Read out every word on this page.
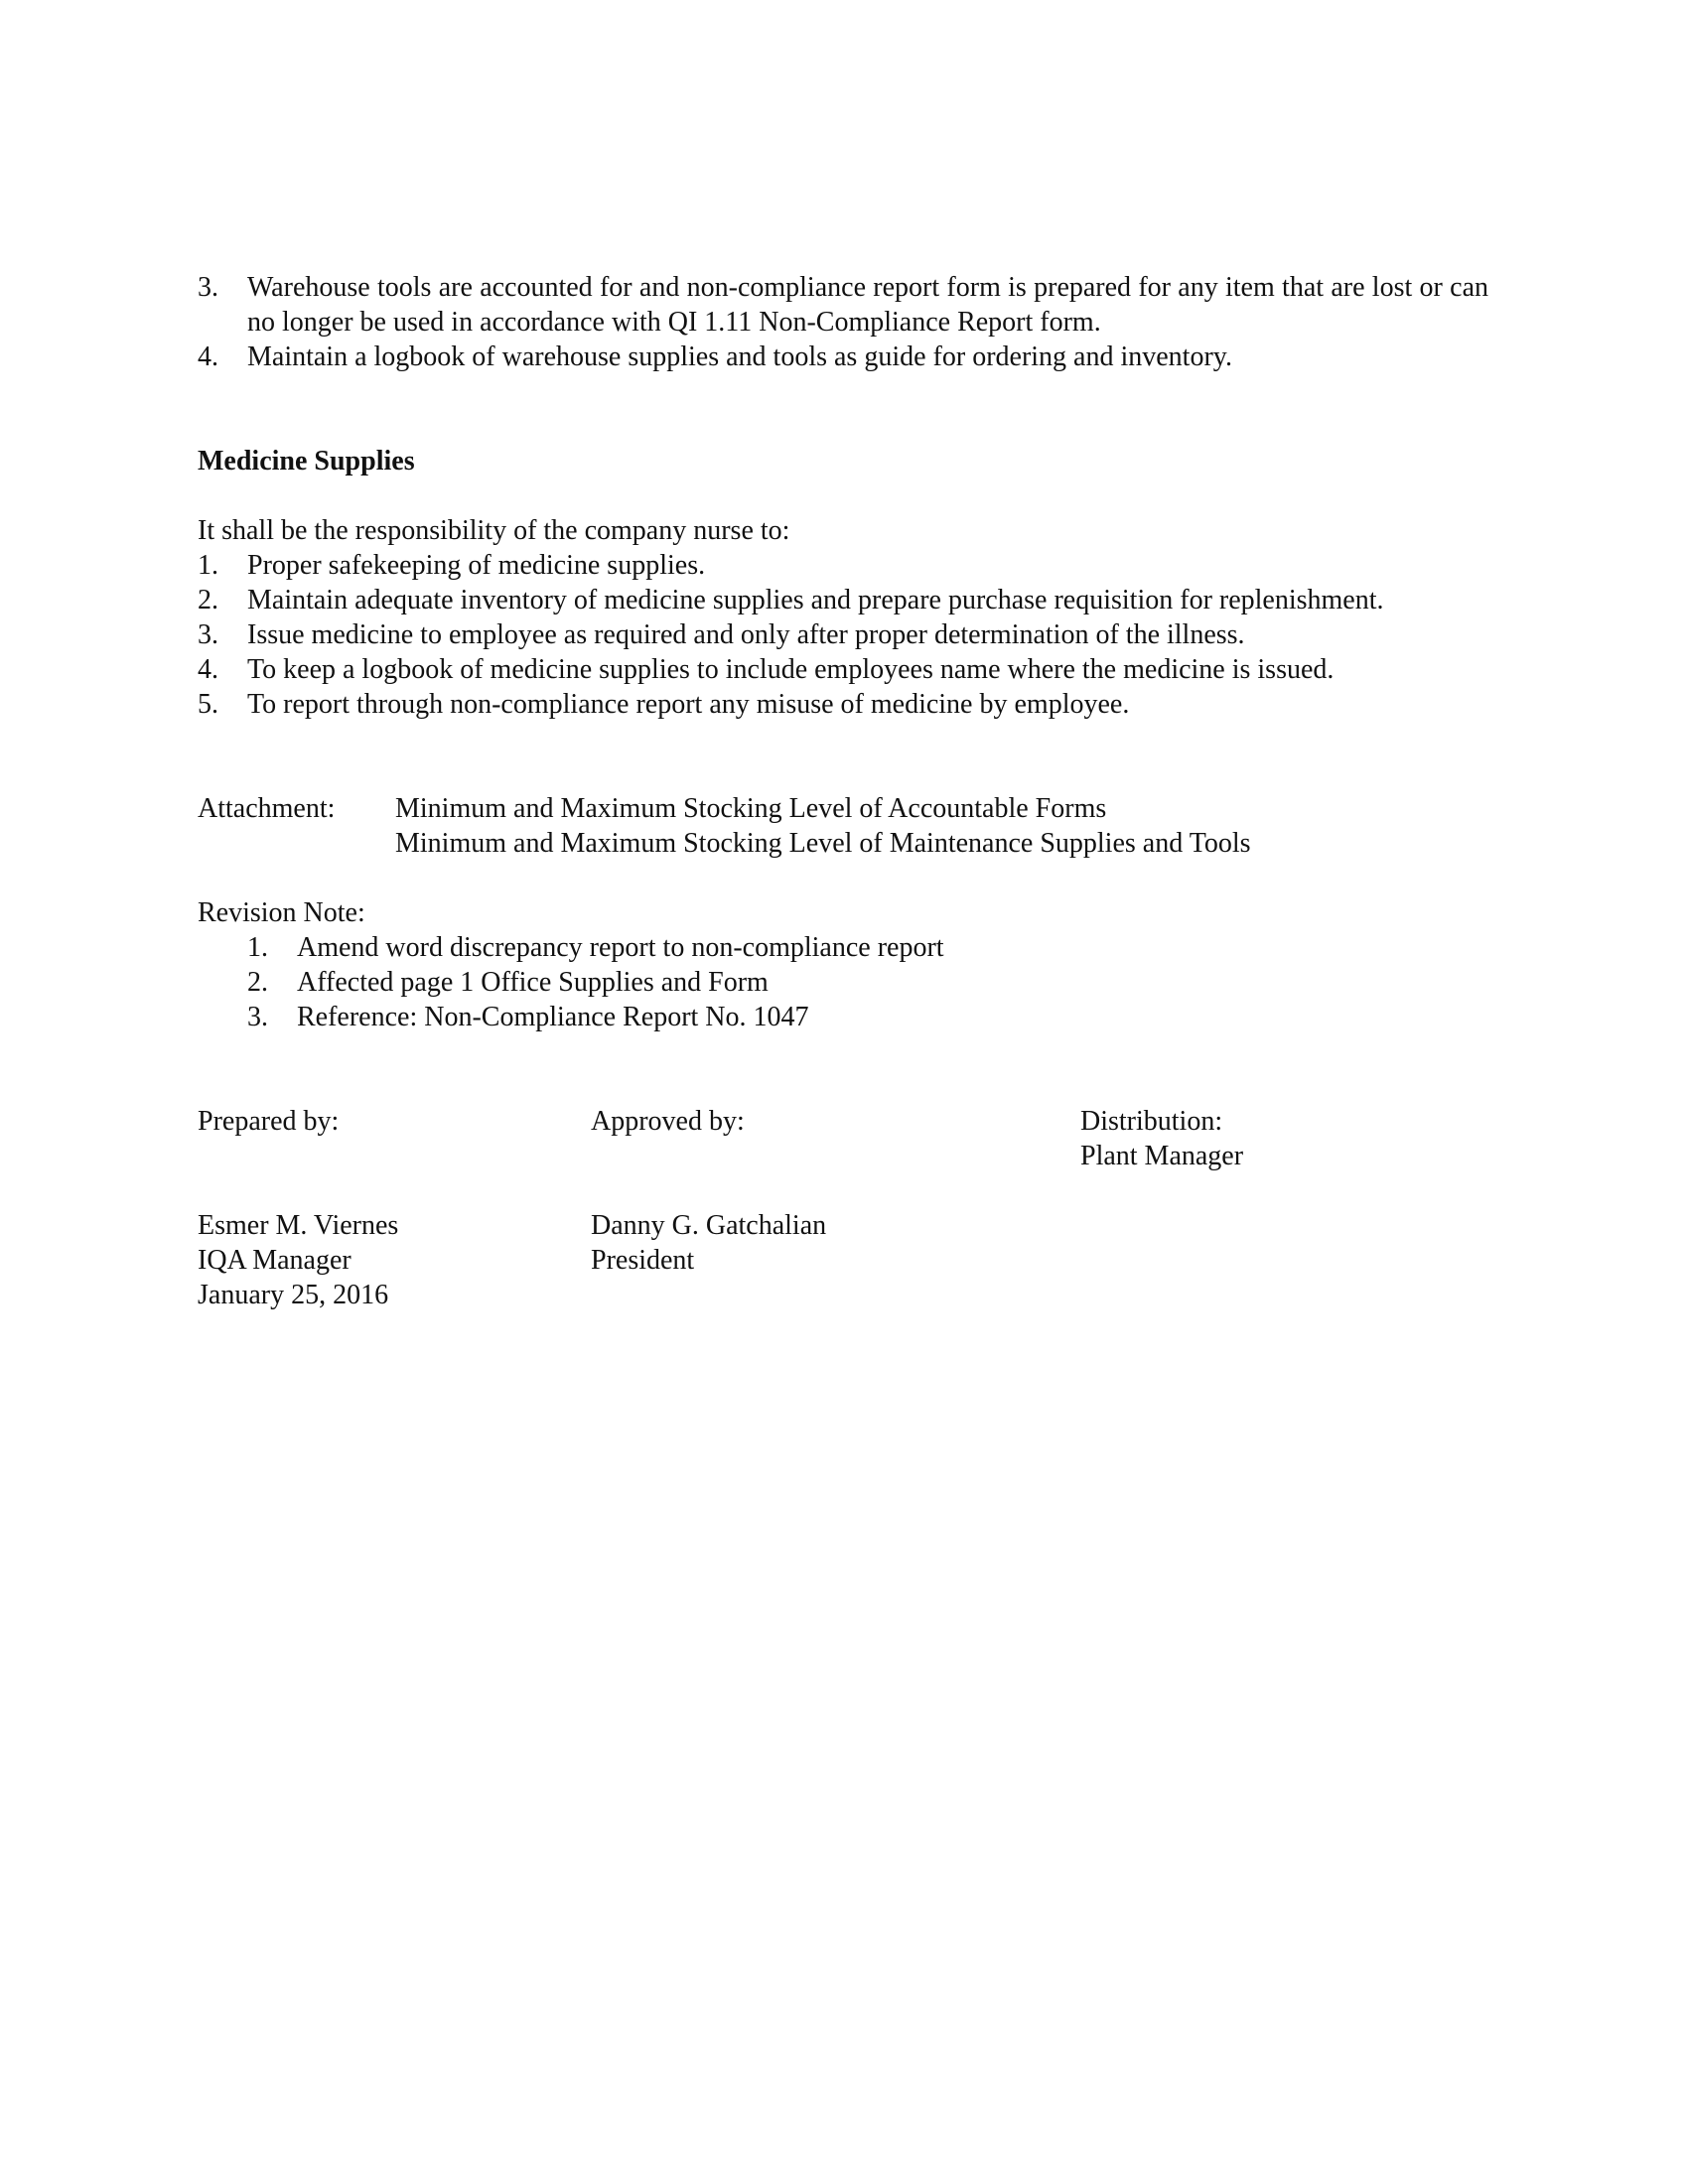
3. Warehouse tools are accounted for and non-compliance report form is prepared for any item that are lost or can no longer be used in accordance with QI 1.11 Non-Compliance Report form.
4. Maintain a logbook of warehouse supplies and tools as guide for ordering and inventory.
Medicine Supplies
It shall be the responsibility of the company nurse to:
1. Proper safekeeping of medicine supplies.
2. Maintain adequate inventory of medicine supplies and prepare purchase requisition for replenishment.
3. Issue medicine to employee as required and only after proper determination of the illness.
4. To keep a logbook of medicine supplies to include employees name where the medicine is issued.
5. To report through non-compliance report any misuse of medicine by employee.
Attachment: Minimum and Maximum Stocking Level of Accountable Forms
Minimum and Maximum Stocking Level of Maintenance Supplies and Tools
Revision Note:
1. Amend word discrepancy report to non-compliance report
2. Affected page 1 Office Supplies and Form
3. Reference: Non-Compliance Report No. 1047
Prepared by:
Esmer M. Viernes
IQA Manager
January 25, 2016
Approved by:
Danny G. Gatchalian
President
Distribution:
Plant Manager
